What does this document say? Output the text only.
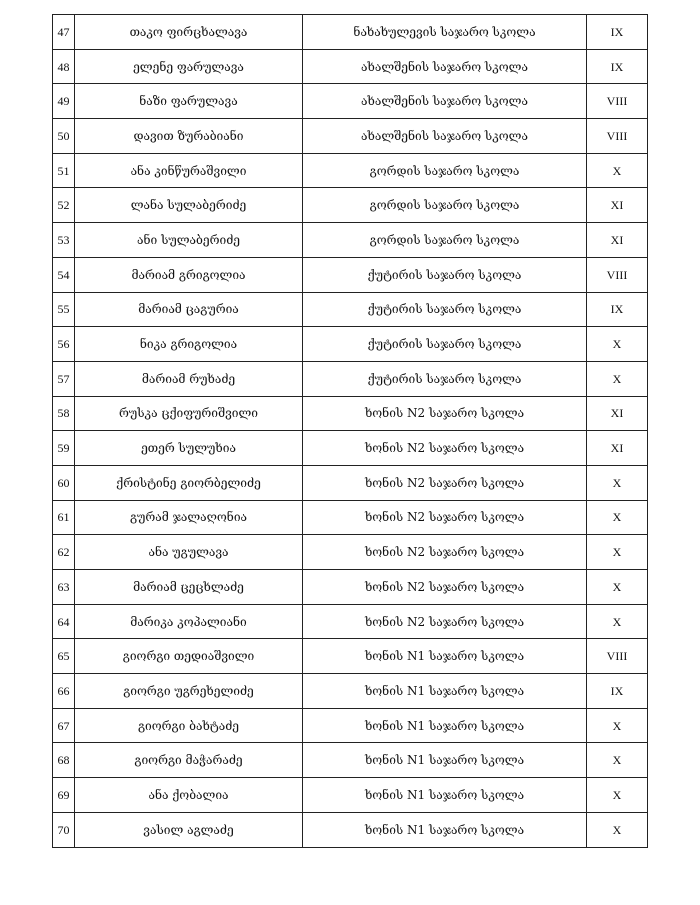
47	თაკო ფირცხალავა	ნახახულევის საჯარო სკოლა	IX
48	ელენე ფარულავა	ახალშენის საჯარო სკოლა	IX
49	ნაზი ფარულავა	ახალშენის საჯარო სკოლა	VIII
50	დავით ზურაბიანი	ახალშენის საჯარო სკოლა	VIII
51	ანა კინწურაშვილი	გორდის საჯარო სკოლა	X
52	ლანა სულაბერიძე	გორდის საჯარო სკოლა	XI
53	ანი სულაბერიძე	გორდის საჯარო სკოლა	XI
54	მარიამ გრიგოლია	ქუტირის საჯარო სკოლა	VIII
55	მარიამ ცაგურია	ქუტირის საჯარო სკოლა	IX
56	ნიკა გრიგოლია	ქუტირის საჯარო სკოლა	X
57	მარიამ რუხაძე	ქუტირის საჯარო სკოლა	X
58	რუსკა ცქიფურიშვილი	ხონის N2 საჯარო სკოლა	XI
59	ეთერ სულუხია	ხონის N2 საჯარო სკოლა	XI
60	ქრისტინე გიორბელიძე	ხონის N2 საჯარო სკოლა	X
61	გურამ ჯალაღონია	ხონის N2 საჯარო სკოლა	X
62	ანა უგულავა	ხონის N2 საჯარო სკოლა	X
63	მარიამ ცეცხლაძე	ხონის N2 საჯარო სკოლა	X
64	მარიკა კოპალიანი	ხონის N2 საჯარო სკოლა	X
65	გიორგი თედიაშვილი	ხონის N1 საჯარო სკოლა	VIII
66	გიორგი უგრეხელიძე	ხონის N1 საჯარო სკოლა	IX
67	გიორგი ბახტაძე	ხონის N1 საჯარო სკოლა	X
68	გიორგი მაჭარაძე	ხონის N1 საჯარო სკოლა	X
69	ანა ქობალია	ხონის N1 საჯარო სკოლა	X
70	ვასილ აგლაძე	ხონის N1 საჯარო სკოლა	X
